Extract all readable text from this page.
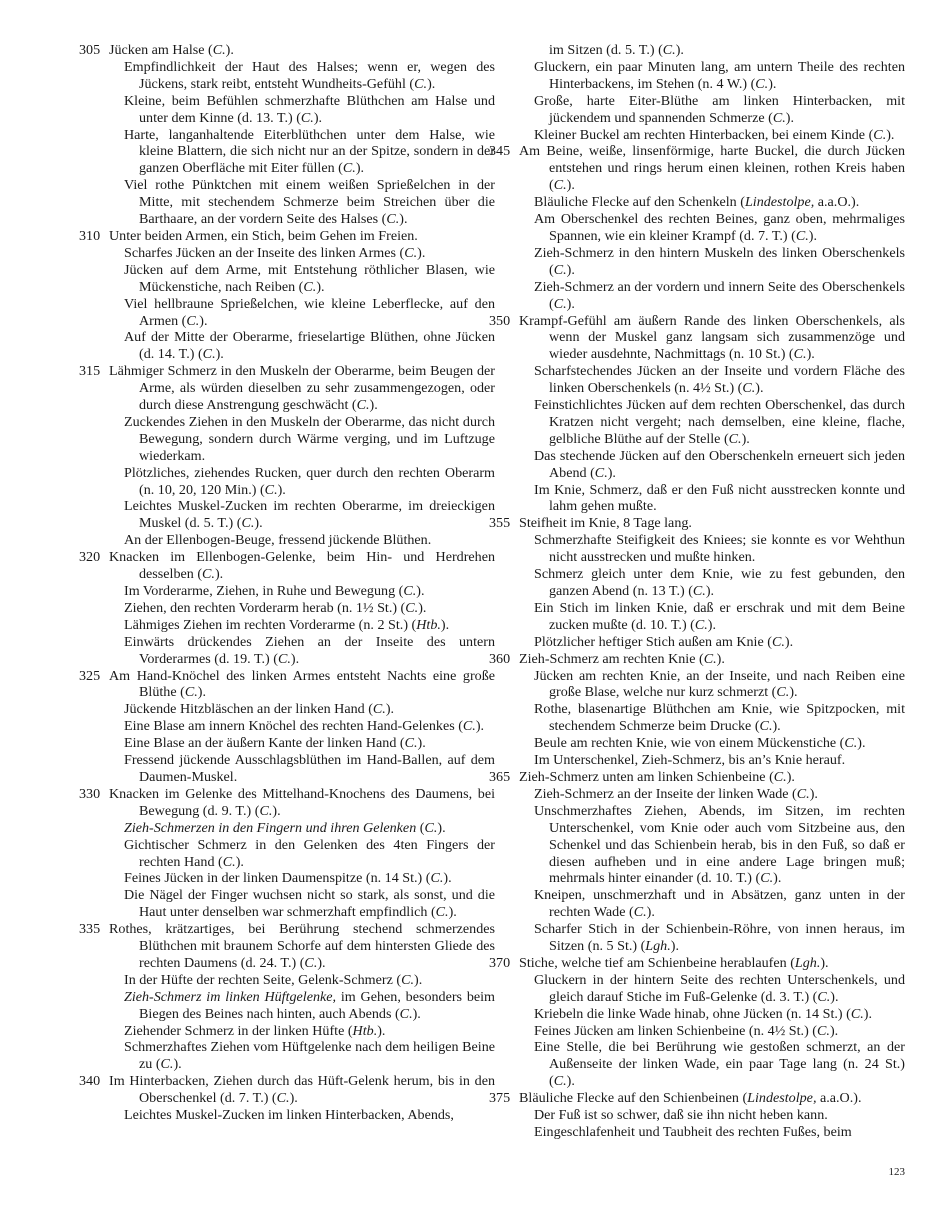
305Jücken am Halse (C.).

Empfindlichkeit der Haut des Halses; wenn er, wegen des Jückens, stark reibt, entsteht Wundheits-Gefühl (C.).

Kleine, beim Befühlen schmerzhafte Blüthchen am Halse und unter dem Kinne (d. 13. T.) (C.).

Harte, langanhaltende Eiterblüthchen unter dem Halse, wie kleine Blattern, die sich nicht nur an der Spitze, sondern in der ganzen Oberfläche mit Eiter füllen (C.).

Viel rothe Pünktchen mit einem weißen Sprießelchen in der Mitte, mit stechendem Schmerze beim Streichen über die Barthaare, an der vordern Seite des Halses (C.).

310Unter beiden Armen, ein Stich, beim Gehen im Freien.

Scharfes Jücken an der Inseite des linken Armes (C.).

Jücken auf dem Arme, mit Entstehung röthlicher Blasen, wie Mückenstiche, nach Reiben (C.).

Viel hellbraune Sprießelchen, wie kleine Leberflecke, auf den Armen (C.).

Auf der Mitte der Oberarme, frieselartige Blüthen, ohne Jücken (d. 14. T.) (C.).

315Lähmiger Schmerz in den Muskeln der Oberarme, beim Beugen der Arme, als würden dieselben zu sehr zusammengezogen, oder durch diese Anstrengung geschwächt (C.).

Zuckendes Ziehen in den Muskeln der Oberarme, das nicht durch Bewegung, sondern durch Wärme verging, und im Luftzuge wiederkam.

Plötzliches, ziehendes Rucken, quer durch den rechten Oberarm (n. 10, 20, 120 Min.) (C.).

Leichtes Muskel-Zucken im rechten Oberarme, im dreieckigen Muskel (d. 5. T.) (C.).

An der Ellenbogen-Beuge, fressend jückende Blüthen.

320Knacken im Ellenbogen-Gelenke, beim Hin- und Herdrehen desselben (C.).

Im Vorderarme, Ziehen, in Ruhe und Bewegung (C.).

Ziehen, den rechten Vorderarm herab (n. 1½ St.) (C.).

Lähmiges Ziehen im rechten Vorderarme (n. 2 St.) (Htb.).

Einwärts drückendes Ziehen an der Inseite des untern Vorderarmes (d. 19. T.) (C.).

325Am Hand-Knöchel des linken Armes entsteht Nachts eine große Blüthe (C.).

Jückende Hitzbläschen an der linken Hand (C.).

Eine Blase am innern Knöchel des rechten Hand-Gelenkes (C.).

Eine Blase an der äußern Kante der linken Hand (C.).

Fressend jückende Ausschlagsblüthen im Hand-Ballen, auf dem Daumen-Muskel.

330Knacken im Gelenke des Mittelhand-Knochens des Daumens, bei Bewegung (d. 9. T.) (C.).

Zieh-Schmerzen in den Fingern und ihren Gelenken (C.).

Gichtischer Schmerz in den Gelenken des 4ten Fingers der rechten Hand (C.).

Feines Jücken in der linken Daumenspitze (n. 14 St.) (C.).

Die Nägel der Finger wuchsen nicht so stark, als sonst, und die Haut unter denselben war schmerzhaft empfindlich (C.).

335Rothes, krätzartiges, bei Berührung stechend schmerzendes Blüthchen mit braunem Schorfe auf dem hintersten Gliede des rechten Daumens (d. 24. T.) (C.).

In der Hüfte der rechten Seite, Gelenk-Schmerz (C.).

Zieh-Schmerz im linken Hüftgelenke, im Gehen, besonders beim Biegen des Beines nach hinten, auch Abends (C.).

Ziehender Schmerz in der linken Hüfte (Htb.).

Schmerzhaftes Ziehen vom Hüftgelenke nach dem heiligen Beine zu (C.).

340Im Hinterbacken, Ziehen durch das Hüft-Gelenk herum, bis in den Oberschenkel (d. 7. T.) (C.).

Leichtes Muskel-Zucken im linken Hinterbacken, Abends,

im Sitzen (d. 5. T.) (C.).

Gluckern, ein paar Minuten lang, am untern Theile des rechten Hinterbackens, im Stehen (n. 4 W.) (C.).

Große, harte Eiter-Blüthe am linken Hinterbacken, mit jückendem und spannenden Schmerze (C.).

Kleiner Buckel am rechten Hinterbacken, bei einem Kinde (C.).

345Am Beine, weiße, linsenförmige, harte Buckel, die durch Jücken entstehen und rings herum einen kleinen, rothen Kreis haben (C.).

Bläuliche Flecke auf den Schenkeln (Lindestolpe, a.a.O.).

Am Oberschenkel des rechten Beines, ganz oben, mehrmaliges Spannen, wie ein kleiner Krampf (d. 7. T.) (C.).

Zieh-Schmerz in den hintern Muskeln des linken Oberschenkels (C.).

Zieh-Schmerz an der vordern und innern Seite des Oberschenkels (C.).

350Krampf-Gefühl am äußern Rande des linken Oberschenkels, als wenn der Muskel ganz langsam sich zusammenzöge und wieder ausdehnte, Nachmittags (n. 10 St.) (C.).

Scharfstechendes Jücken an der Inseite und vordern Fläche des linken Oberschenkels (n. 4½ St.) (C.).

Feinstichlichtes Jücken auf dem rechten Oberschenkel, das durch Kratzen nicht vergeht; nach demselben, eine kleine, flache, gelbliche Blüthe auf der Stelle (C.).

Das stechende Jücken auf den Oberschenkeln erneuert sich jeden Abend (C.).

Im Knie, Schmerz, daß er den Fuß nicht ausstrecken konnte und lahm gehen mußte.

355Steifheit im Knie, 8 Tage lang.

Schmerzhafte Steifigkeit des Kniees; sie konnte es vor Wehthun nicht ausstrecken und mußte hinken.

Schmerz gleich unter dem Knie, wie zu fest gebunden, den ganzen Abend (n. 13 T.) (C.).

Ein Stich im linken Knie, daß er erschrak und mit dem Beine zucken mußte (d. 10. T.) (C.).

Plötzlicher heftiger Stich außen am Knie (C.).

360Zieh-Schmerz am rechten Knie (C.).

Jücken am rechten Knie, an der Inseite, und nach Reiben eine große Blase, welche nur kurz schmerzt (C.).

Rothe, blasenartige Blüthchen am Knie, wie Spitzpocken, mit stechendem Schmerze beim Drucke (C.).

Beule am rechten Knie, wie von einem Mückenstiche (C.).

Im Unterschenkel, Zieh-Schmerz, bis an’s Knie herauf.

365Zieh-Schmerz unten am linken Schienbeine (C.).

Zieh-Schmerz an der Inseite der linken Wade (C.).

Unschmerzhaftes Ziehen, Abends, im Sitzen, im rechten Unterschenkel, vom Knie oder auch vom Sitzbeine aus, den Schenkel und das Schienbein herab, bis in den Fuß, so daß er diesen aufheben und in eine andere Lage bringen muß; mehrmals hinter einander (d. 10. T.) (C.).

Kneipen, unschmerzhaft und in Absätzen, ganz unten in der rechten Wade (C.).

Scharfer Stich in der Schienbein-Röhre, von innen heraus, im Sitzen (n. 5 St.) (Lgh.).

370Stiche, welche tief am Schienbeine herablaufen (Lgh.).

Gluckern in der hintern Seite des rechten Unterschenkels, und gleich darauf Stiche im Fuß-Gelenke (d. 3. T.) (C.).

Kriebeln die linke Wade hinab, ohne Jücken (n. 14 St.) (C.).

Feines Jücken am linken Schienbeine (n. 4½ St.) (C.).

Eine Stelle, die bei Berührung wie gestoßen schmerzt, an der Außenseite der linken Wade, ein paar Tage lang (n. 24 St.) (C.).

375Bläuliche Flecke auf den Schienbeinen (Lindestolpe, a.a.O.).

Der Fuß ist so schwer, daß sie ihn nicht heben kann.

Eingeschlafenheit und Taubheit des rechten Fußes, beim

123
